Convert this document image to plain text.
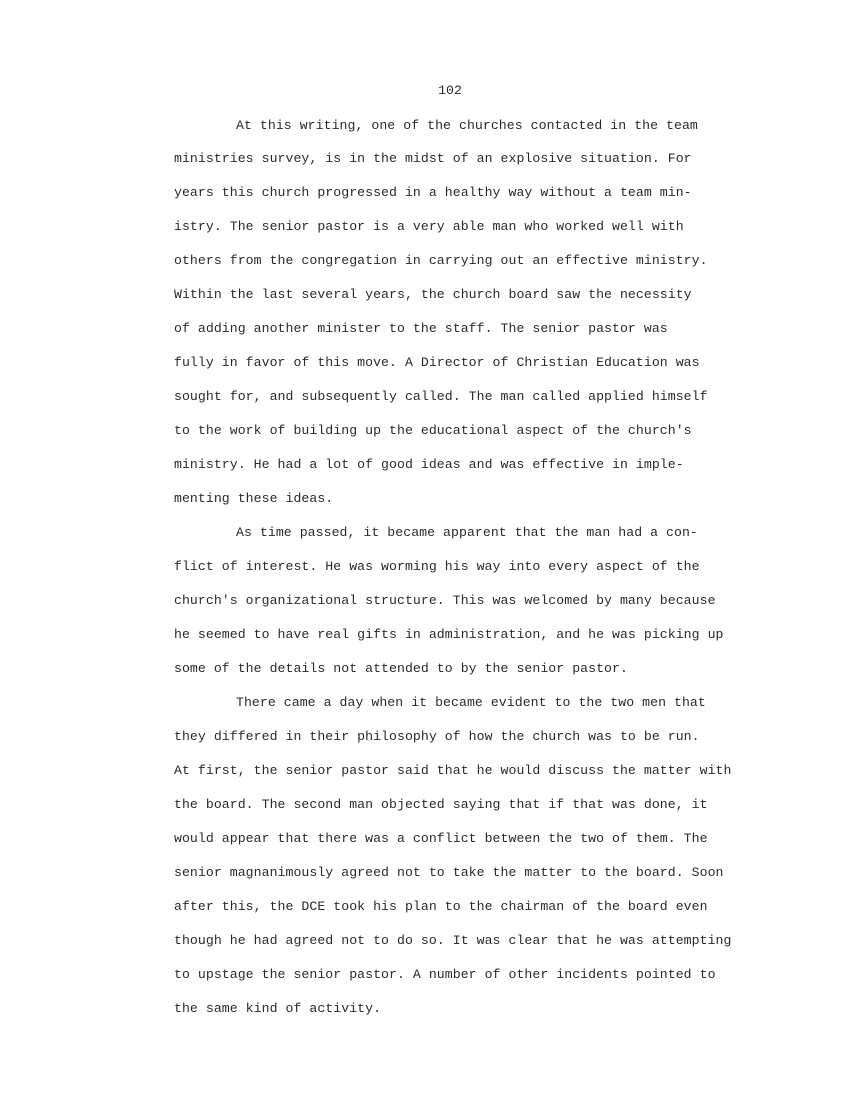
102
At this writing, one of the churches contacted in the team
ministries survey, is in the midst of an explosive situation. For
years this church progressed in a healthy way without a team min-
istry. The senior pastor is a very able man who worked well with
others from the congregation in carrying out an effective ministry.
Within the last several years, the church board saw the necessity
of adding another minister to the staff. The senior pastor was
fully in favor of this move. A Director of Christian Education was
sought for, and subsequently called. The man called applied himself
to the work of building up the educational aspect of the church's
ministry. He had a lot of good ideas and was effective in imple-
menting these ideas.
As time passed, it became apparent that the man had a con-
flict of interest. He was worming his way into every aspect of the
church's organizational structure. This was welcomed by many because
he seemed to have real gifts in administration, and he was picking up
some of the details not attended to by the senior pastor.
There came a day when it became evident to the two men that
they differed in their philosophy of how the church was to be run.
At first, the senior pastor said that he would discuss the matter with
the board. The second man objected saying that if that was done, it
would appear that there was a conflict between the two of them. The
senior magnanimously agreed not to take the matter to the board. Soon
after this, the DCE took his plan to the chairman of the board even
though he had agreed not to do so. It was clear that he was attempting
to upstage the senior pastor. A number of other incidents pointed to
the same kind of activity.
